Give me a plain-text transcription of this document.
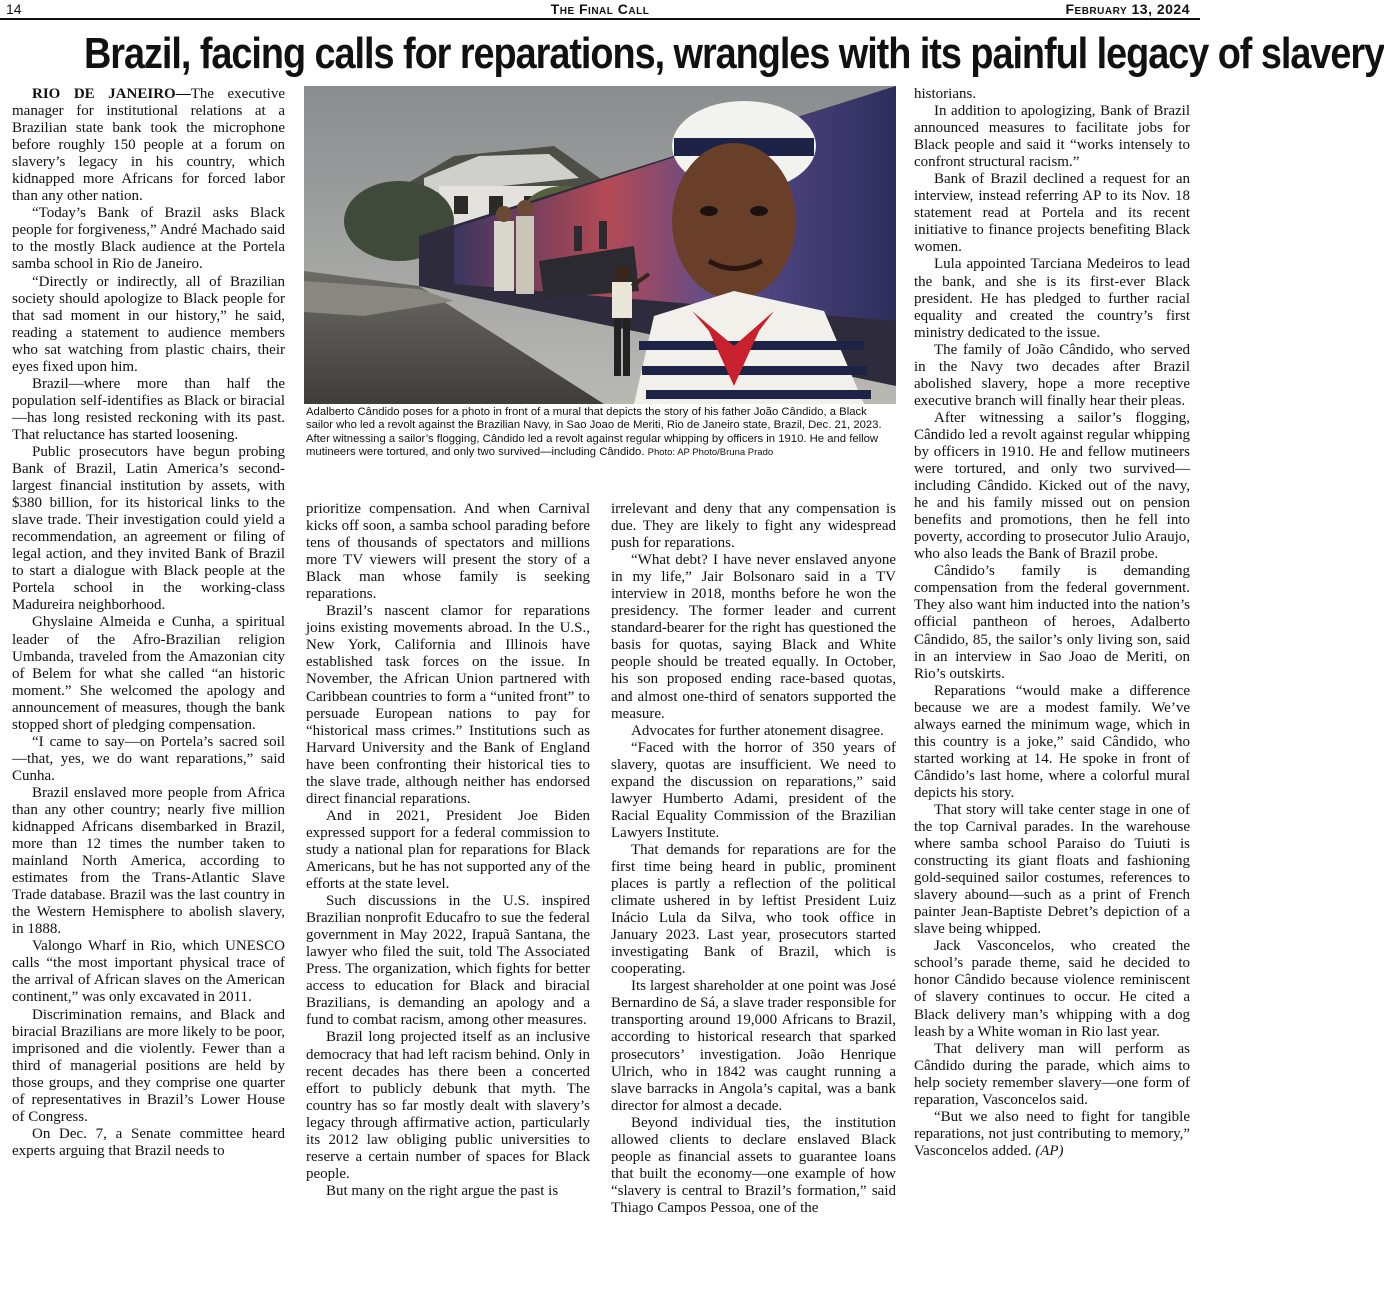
14	The Final Call	February 13, 2024
Brazil, facing calls for reparations, wrangles with its painful legacy of slavery

RIO DE JANEIRO—The executive manager for institutional relations at a Brazilian state bank took the microphone before roughly 150 people at a forum on slavery’s legacy in his country, which kidnapped more Africans for forced labor than any other nation.

“Today’s Bank of Brazil asks Black people for forgiveness,” André Machado said to the mostly Black audience at the Portela samba school in Rio de Janeiro.

“Directly or indirectly, all of Brazilian society should apologize to Black people for that sad moment in our history,” he said, reading a statement to audience members who sat watching from plastic chairs, their eyes fixed upon him.

Brazil—where more than half the population self-identifies as Black or biracial—has long resisted reckoning with its past. That reluctance has started loosening.

Public prosecutors have begun probing Bank of Brazil, Latin America’s second-largest financial institution by assets, with $380 billion, for its historical links to the slave trade. Their investigation could yield a recommendation, an agreement or filing of legal action, and they invited Bank of Brazil to start a dialogue with Black people at the Portela school in the working-class Madureira neighborhood.

Ghyslaine Almeida e Cunha, a spiritual leader of the Afro-Brazilian religion Umbanda, traveled from the Amazonian city of Belem for what she called “an historic moment.” She welcomed the apology and announcement of measures, though the bank stopped short of pledging compensation.

“I came to say—on Portela’s sacred soil—that, yes, we do want reparations,” said Cunha.

Brazil enslaved more people from Africa than any other country; nearly five million kidnapped Africans disembarked in Brazil, more than 12 times the number taken to mainland North America, according to estimates from the Trans-Atlantic Slave Trade database. Brazil was the last country in the Western Hemisphere to abolish slavery, in 1888.

Valongo Wharf in Rio, which UNESCO calls “the most important physical trace of the arrival of African slaves on the American continent,” was only excavated in 2011.

Discrimination remains, and Black and biracial Brazilians are more likely to be poor, imprisoned and die violently. Fewer than a third of managerial positions are held by those groups, and they comprise one quarter of representatives in Brazil’s Lower House of Congress.

On Dec. 7, a Senate committee heard experts arguing that Brazil needs to

Adalberto Cândido poses for a photo in front of a mural that depicts the story of his father João Cândido, a Black sailor who led a revolt against the Brazilian Navy, in Sao Joao de Meriti, Rio de Janeiro state, Brazil, Dec. 21, 2023. After witnessing a sailor’s flogging, Cândido led a revolt against regular whipping by officers in 1910. He and fellow mutineers were tortured, and only two survived—including Cândido. Photo: AP Photo/Bruna Prado

prioritize compensation. And when Carnival kicks off soon, a samba school parading before tens of thousands of spectators and millions more TV viewers will present the story of a Black man whose family is seeking reparations.

Brazil’s nascent clamor for reparations joins existing movements abroad. In the U.S., New York, California and Illinois have established task forces on the issue. In November, the African Union partnered with Caribbean countries to form a “united front” to persuade European nations to pay for “historical mass crimes.” Institutions such as Harvard University and the Bank of England have been confronting their historical ties to the slave trade, although neither has endorsed direct financial reparations.

And in 2021, President Joe Biden expressed support for a federal commission to study a national plan for reparations for Black Americans, but he has not supported any of the efforts at the state level.

Such discussions in the U.S. inspired Brazilian nonprofit Educafro to sue the federal government in May 2022, Irapuã Santana, the lawyer who filed the suit, told The Associated Press. The organization, which fights for better access to education for Black and biracial Brazilians, is demanding an apology and a fund to combat racism, among other measures.

Brazil long projected itself as an inclusive democracy that had left racism behind. Only in recent decades has there been a concerted effort to publicly debunk that myth. The country has so far mostly dealt with slavery’s legacy through affirmative action, particularly its 2012 law obliging public universities to reserve a certain number of spaces for Black people.

But many on the right argue the past is

irrelevant and deny that any compensation is due. They are likely to fight any widespread push for reparations.

“What debt? I have never enslaved anyone in my life,” Jair Bolsonaro said in a TV interview in 2018, months before he won the presidency. The former leader and current standard-bearer for the right has questioned the basis for quotas, saying Black and White people should be treated equally. In October, his son proposed ending race-based quotas, and almost one-third of senators supported the measure.

Advocates for further atonement disagree.

“Faced with the horror of 350 years of slavery, quotas are insufficient. We need to expand the discussion on reparations,” said lawyer Humberto Adami, president of the Racial Equality Commission of the Brazilian Lawyers Institute.

That demands for reparations are for the first time being heard in public, prominent places is partly a reflection of the political climate ushered in by leftist President Luiz Inácio Lula da Silva, who took office in January 2023. Last year, prosecutors started investigating Bank of Brazil, which is cooperating.

Its largest shareholder at one point was José Bernardino de Sá, a slave trader responsible for transporting around 19,000 Africans to Brazil, according to historical research that sparked prosecutors’ investigation. João Henrique Ulrich, who in 1842 was caught running a slave barracks in Angola’s capital, was a bank director for almost a decade.

Beyond individual ties, the institution allowed clients to declare enslaved Black people as financial assets to guarantee loans that built the economy—one example of how “slavery is central to Brazil’s formation,” said Thiago Campos Pessoa, one of the

historians.

In addition to apologizing, Bank of Brazil announced measures to facilitate jobs for Black people and said it “works intensely to confront structural racism.”

Bank of Brazil declined a request for an interview, instead referring AP to its Nov. 18 statement read at Portela and its recent initiative to finance projects benefiting Black women.

Lula appointed Tarciana Medeiros to lead the bank, and she is its first-ever Black president. He has pledged to further racial equality and created the country’s first ministry dedicated to the issue.

The family of João Cândido, who served in the Navy two decades after Brazil abolished slavery, hope a more receptive executive branch will finally hear their pleas.

After witnessing a sailor’s flogging, Cândido led a revolt against regular whipping by officers in 1910. He and fellow mutineers were tortured, and only two survived—including Cândido. Kicked out of the navy, he and his family missed out on pension benefits and promotions, then he fell into poverty, according to prosecutor Julio Araujo, who also leads the Bank of Brazil probe.

Cândido’s family is demanding compensation from the federal government. They also want him inducted into the nation’s official pantheon of heroes, Adalberto Cândido, 85, the sailor’s only living son, said in an interview in Sao Joao de Meriti, on Rio’s outskirts.

Reparations “would make a difference because we are a modest family. We’ve always earned the minimum wage, which in this country is a joke,” said Cândido, who started working at 14. He spoke in front of Cândido’s last home, where a colorful mural depicts his story.

That story will take center stage in one of the top Carnival parades. In the warehouse where samba school Paraiso do Tuiuti is constructing its giant floats and fashioning gold-sequined sailor costumes, references to slavery abound—such as a print of French painter Jean-Baptiste Debret’s depiction of a slave being whipped.

Jack Vasconcelos, who created the school’s parade theme, said he decided to honor Cândido because violence reminiscent of slavery continues to occur. He cited a Black delivery man’s whipping with a dog leash by a White woman in Rio last year.

That delivery man will perform as Cândido during the parade, which aims to help society remember slavery—one form of reparation, Vasconcelos said.

“But we also need to fight for tangible reparations, not just contributing to memory,” Vasconcelos added. (AP)
